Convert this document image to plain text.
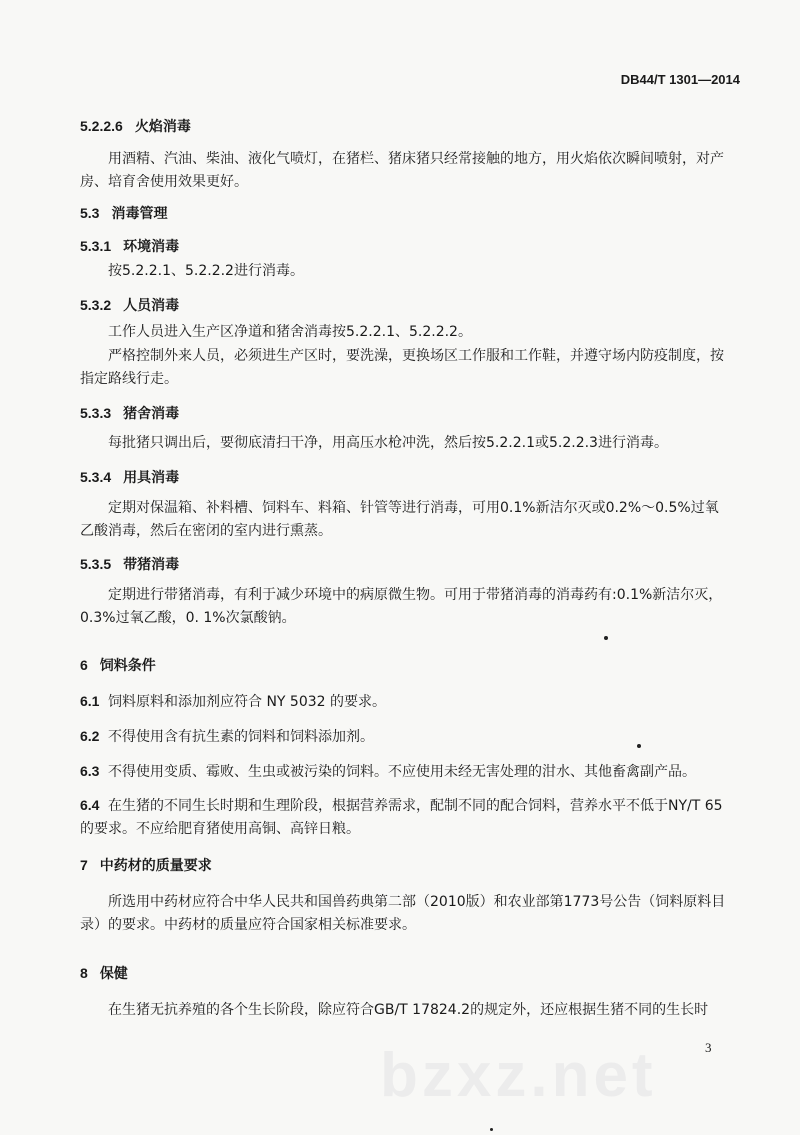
DB44/T 1301—2014
5.2.2.6 火焰消毒
用酒精、汽油、柴油、液化气喷灯，在猪栏、猪床猪只经常接触的地方，用火焰依次瞬间喷射，对产房、培育舍使用效果更好。
5.3 消毒管理
5.3.1 环境消毒
按5.2.2.1、5.2.2.2进行消毒。
5.3.2 人员消毒
工作人员进入生产区净道和猪舍消毒按5.2.2.1、5.2.2.2。
严格控制外来人员，必须进生产区时，要洗澡，更换场区工作服和工作鞋，并遵守场内防疫制度，按指定路线行走。
5.3.3 猪舍消毒
每批猪只调出后，要彻底清扫干净，用高压水枪冲洗，然后按5.2.2.1或5.2.2.3进行消毒。
5.3.4 用具消毒
定期对保温箱、补料槽、饲料车、料箱、针管等进行消毒，可用0.1%新洁尔灭或0.2%～0.5%过氧乙酸消毒，然后在密闭的室内进行熏蒸。
5.3.5 带猪消毒
定期进行带猪消毒，有利于减少环境中的病原微生物。可用于带猪消毒的消毒药有:0.1%新洁尔灭，0.3%过氧乙酸，0. 1%次氯酸钠。
6 饲料条件
6.1 饲料原料和添加剂应符合 NY 5032 的要求。
6.2 不得使用含有抗生素的饲料和饲料添加剂。
6.3 不得使用变质、霉败、生虫或被污染的饲料。不应使用未经无害处理的泔水、其他畜禽副产品。
6.4 在生猪的不同生长时期和生理阶段，根据营养需求，配制不同的配合饲料，营养水平不低于NY/T 65的要求。不应给肥育猪使用高铜、高锌日粮。
7 中药材的质量要求
所选用中药材应符合中华人民共和国兽药典第二部（2010版）和农业部第1773号公告（饲料原料目录）的要求。中药材的质量应符合国家相关标准要求。
8 保健
在生猪无抗养殖的各个生长阶段，除应符合GB/T 17824.2的规定外，还应根据生猪不同的生长时
bzxz.net	3
